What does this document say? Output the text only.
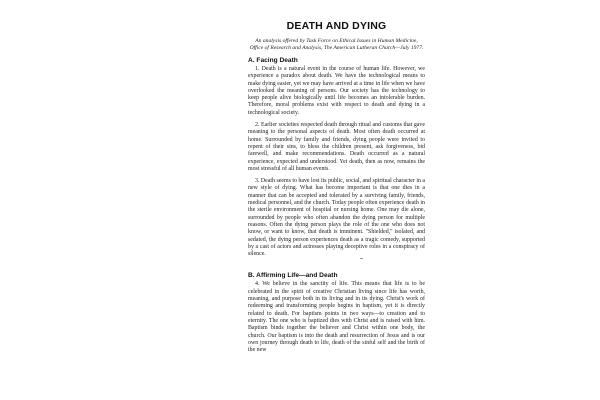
DEATH AND DYING
An analysis offered by Task Force on Ethical Issues in Human Medicine, Office of Research and Analysis, The American Lutheran Church—July 1977.
A. Facing Death

1. Death is a natural event in the course of human life. However, we experience a paradox about death. We have the technological means to make dying easier, yet we may have arrived at a time in life when we have overlooked the meaning of persons. Our society has the technology to keep people alive biologically until life becomes an intolerable burden. Therefore, moral problems exist with respect to death and dying in a technological society.

2. Earlier societies respected death through ritual and customs that gave meaning to the personal aspects of death. Most often death occurred at home. Surrounded by family and friends, dying people were invited to repent of their sins, to bless the children present, ask forgiveness, bid farewell, and make recommendations. Death occurred as a natural experience, expected and understood. Yet death, then as now, remains the most stressful of all human events.

3. Death seems to have lost its public, social, and spiritual character in a new style of dying. What has become important is that one dies in a manner that can be accepted and tolerated by a surviving family, friends, medical personnel, and the church. Today people often experience death in the sterile environment of hospital or nursing home. One may die alone, surrounded by people who often abandon the dying person for multiple reasons. Often the dying person plays the role of the one who does not know, or want to know, that death is imminent. "Shielded," isolated, and sedated, the dying person experiences death as a tragic comedy, supported by a cast of actors and actresses playing deceptive roles in a conspiracy of silence.

B. Affirming Life—and Death

4. We believe in the sanctity of life. This means that life is to be celebrated in the spirit of creative Christian living since life has worth, meaning, and purpose both in its living and in its dying. Christ's work of redeeming and transforming people begins in baptism, yet it is directly related to death. For baptism points in two ways—to creation and to eternity. The one who is baptized dies with Christ and is raised with him. Baptism binds together the believer and Christ within one body, the church. Our baptism is into the death and resurrection of Jesus and is our own journey through death to life, death of the sinful self and the birth of the new
